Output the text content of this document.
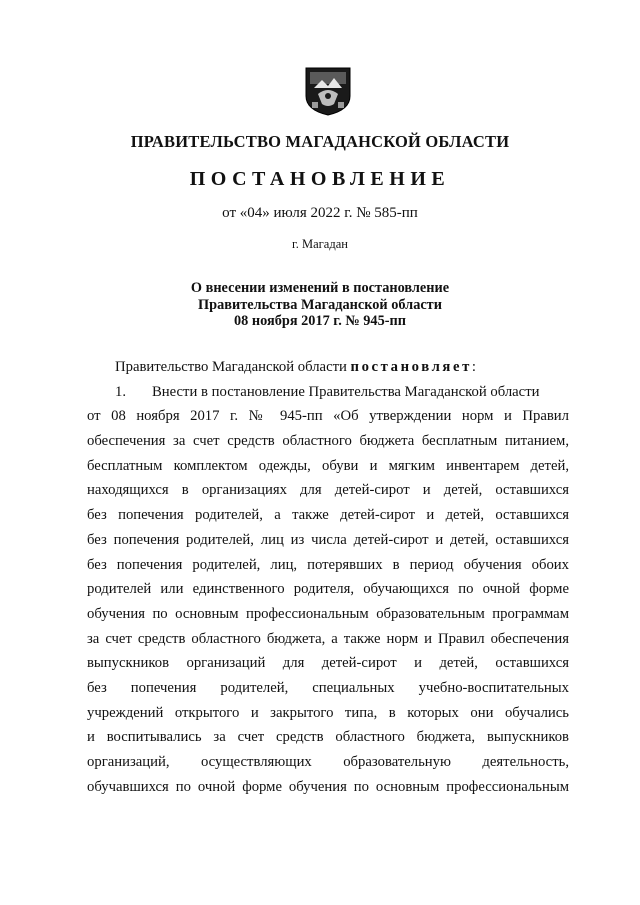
ПРАВИТЕЛЬСТВО МАГАДАНСКОЙ ОБЛАСТИ
ПОСТАНОВЛЕНИЕ
от «04» июля 2022 г. № 585-пп
г. Магадан
О внесении изменений в постановление
Правительства Магаданской области
08 ноября 2017 г. № 945-пп
Правительство Магаданской области постановляет:
1. Внести в постановление Правительства Магаданской области
от 08 ноября 2017 г. № 945-пп «Об утверждении норм и Правил
обеспечения за счет средств областного бюджета бесплатным питанием,
бесплатным комплектом одежды, обуви и мягким инвентарем детей,
находящихся в организациях для детей-сирот и детей, оставшихся
без попечения родителей, а также детей-сирот и детей, оставшихся
без попечения родителей, лиц из числа детей-сирот и детей, оставшихся
без попечения родителей, лиц, потерявших в период обучения обоих
родителей или единственного родителя, обучающихся по очной форме
обучения по основным профессиональным образовательным программам
за счет средств областного бюджета, а также норм и Правил обеспечения
выпускников организаций для детей-сирот и детей, оставшихся
без попечения родителей, специальных учебно-воспитательных
учреждений открытого и закрытого типа, в которых они обучались
и воспитывались за счет средств областного бюджета, выпускников
организаций, осуществляющих образовательную деятельность,
обучавшихся по очной форме обучения по основным профессиональным
